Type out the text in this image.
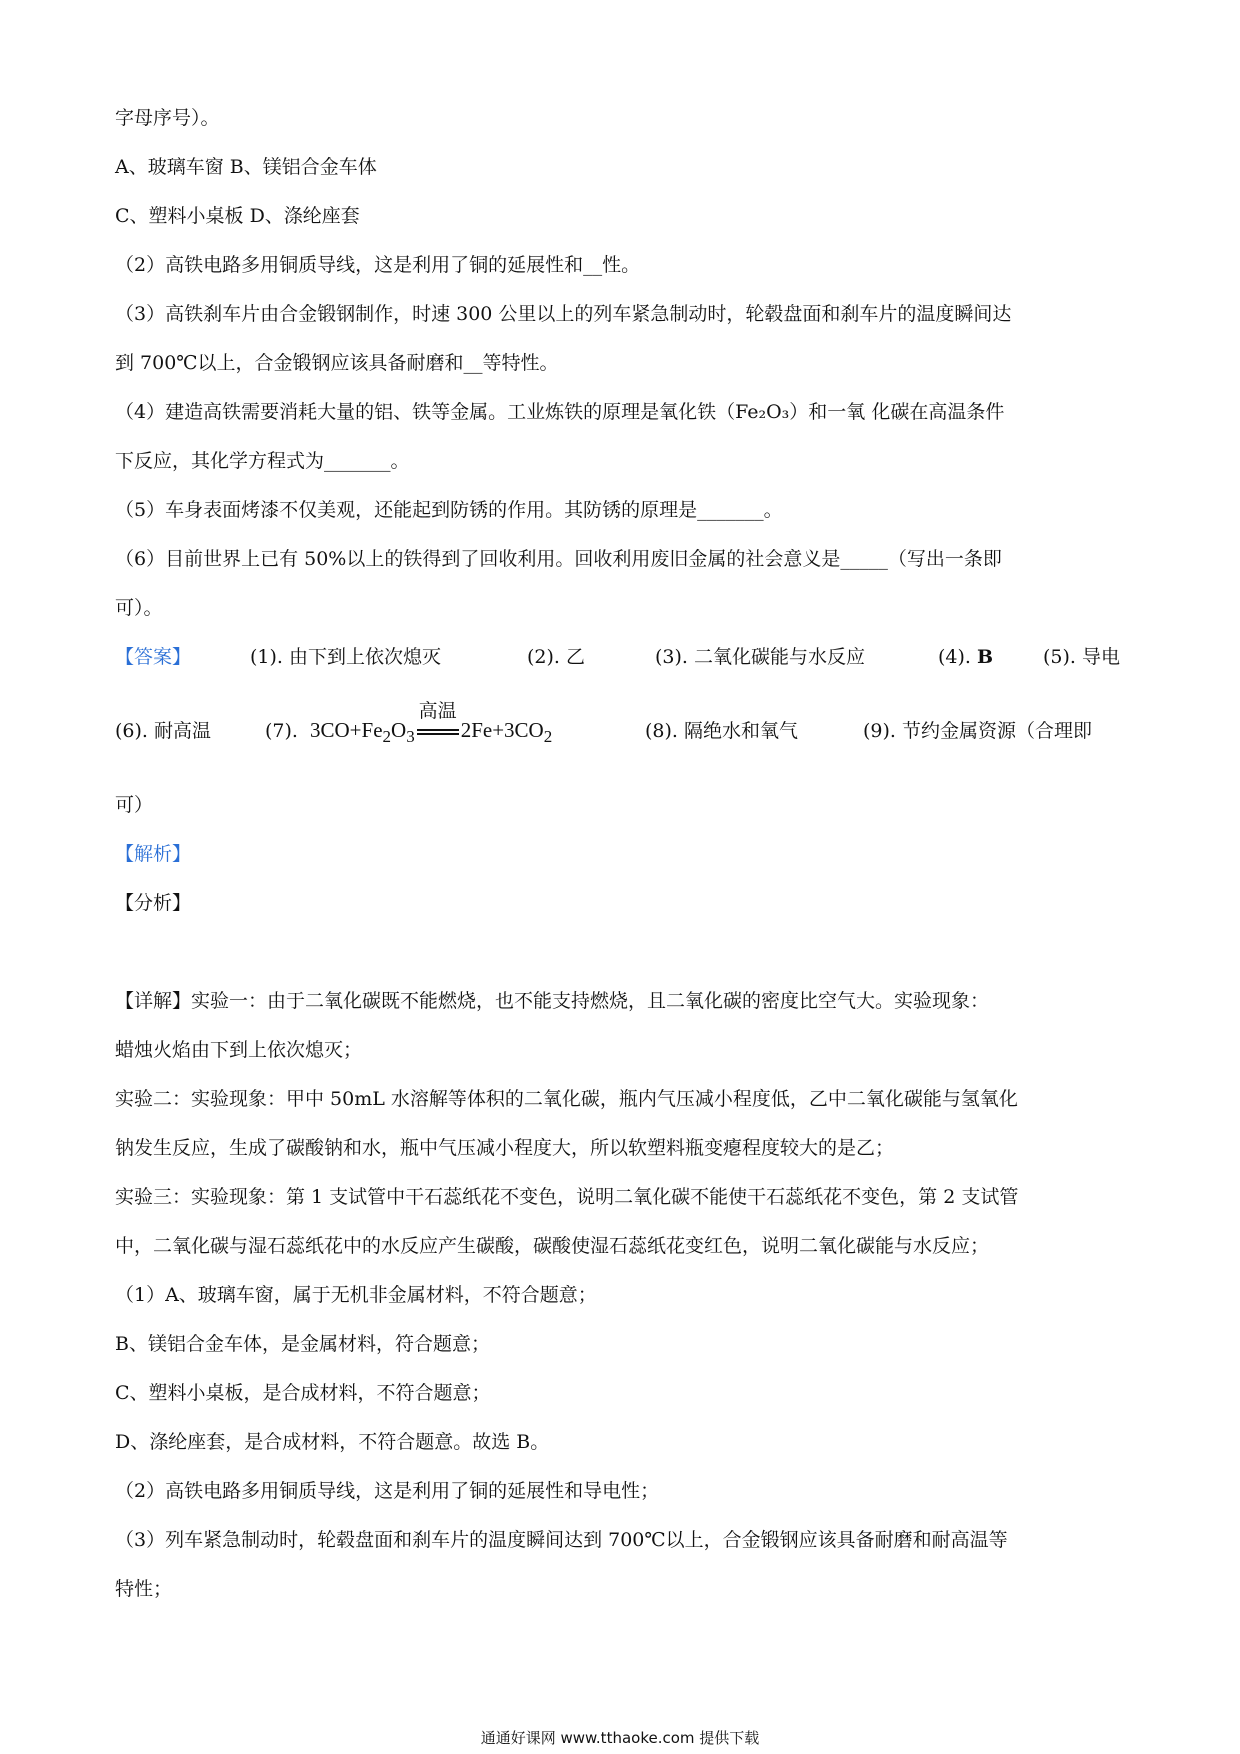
字母序号）。
A、玻璃车窗 B、镁铝合金车体
C、塑料小桌板 D、涤纶座套
（2）高铁电路多用铜质导线，这是利用了铜的延展性和__性。
（3）高铁刹车片由合金锻钢制作，时速 300 公里以上的列车紧急制动时，轮毂盘面和刹车片的温度瞬间达
到 700℃以上，合金锻钢应该具备耐磨和__等特性。
（4）建造高铁需要消耗大量的铝、铁等金属。工业炼铁的原理是氧化铁（Fe₂O₃）和一氧 化碳在高温条件
下反应，其化学方程式为_______。
（5）车身表面烤漆不仅美观，还能起到防锈的作用。其防锈的原理是_______。
（6）目前世界上已有 50%以上的铁得到了回收利用。回收利用废旧金属的社会意义是_____（写出一条即
可）。
【答案】	(1). 由下到上依次熄灭	(2). 乙	(3). 二氧化碳能与水反应	(4). B	(5). 导电
(6). 耐高温	(7). $3CO+Fe_2O_3$
高温
$2Fe+3CO_2$	(8). 隔绝水和氧气	(9). 节约金属资源（合理即
可）
【解析】
【分析】
【详解】实验一：由于二氧化碳既不能燃烧，也不能支持燃烧，且二氧化碳的密度比空气大。实验现象：
蜡烛火焰由下到上依次熄灭；
实验二：实验现象：甲中 50mL 水溶解等体积的二氧化碳，瓶内气压减小程度低，乙中二氧化碳能与氢氧化
钠发生反应，生成了碳酸钠和水，瓶中气压减小程度大，所以软塑料瓶变瘪程度较大的是乙；
实验三：实验现象：第 1 支试管中干石蕊纸花不变色，说明二氧化碳不能使干石蕊纸花不变色，第 2 支试管
中，二氧化碳与湿石蕊纸花中的水反应产生碳酸，碳酸使湿石蕊纸花变红色，说明二氧化碳能与水反应；
（1）A、玻璃车窗，属于无机非金属材料，不符合题意；
B、镁铝合金车体，是金属材料，符合题意；
C、塑料小桌板，是合成材料，不符合题意；
D、涤纶座套，是合成材料，不符合题意。故选 B。
（2）高铁电路多用铜质导线，这是利用了铜的延展性和导电性；
（3）列车紧急制动时，轮毂盘面和刹车片的温度瞬间达到 700℃以上，合金锻钢应该具备耐磨和耐高温等
特性；
通通好课网 www.tthaoke.com 提供下载
